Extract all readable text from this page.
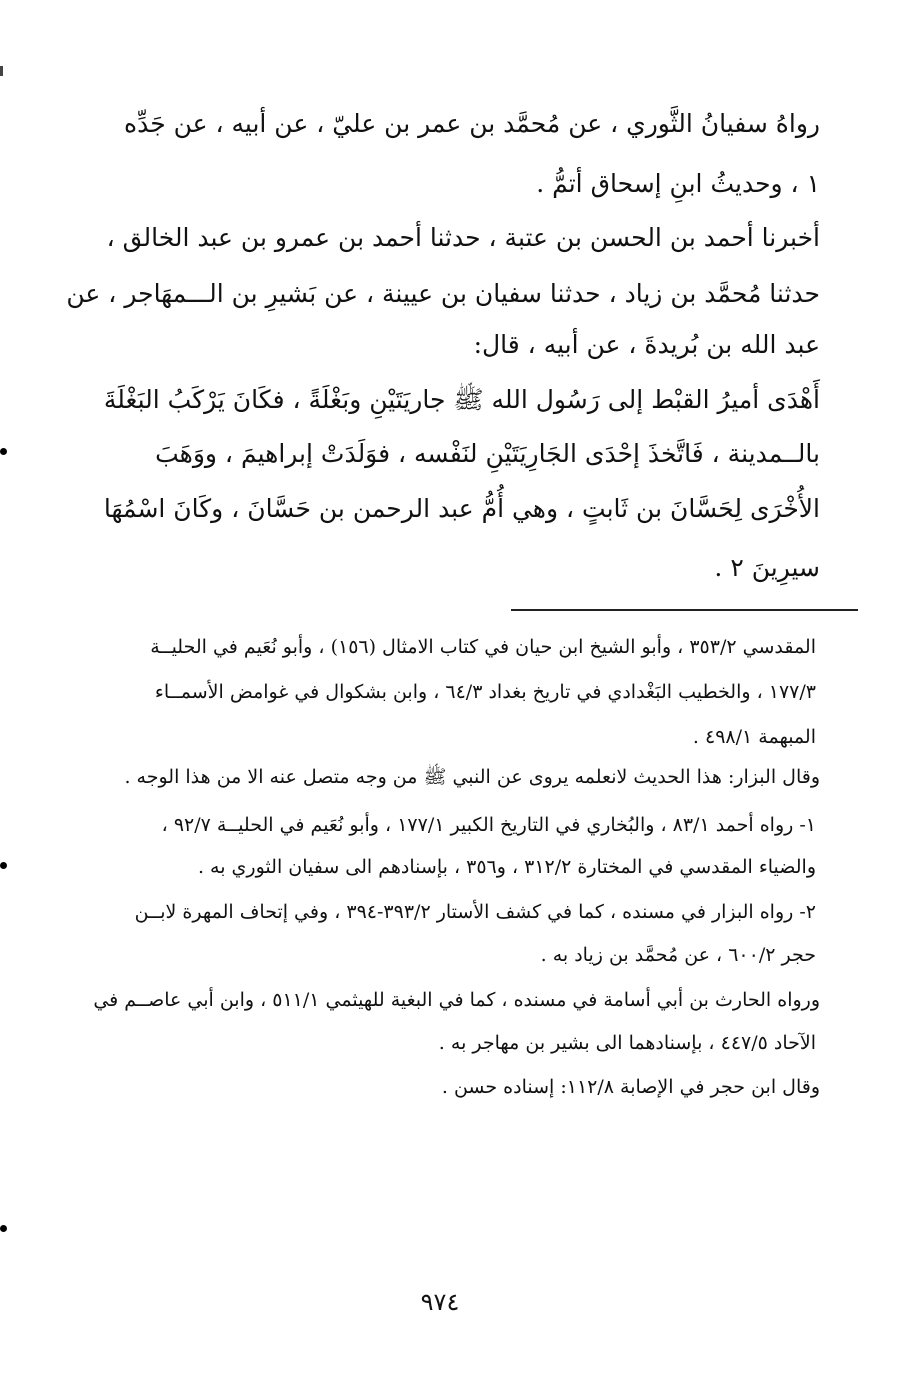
رواهُ سفيانُ الثَّوري ، عن مُحمَّد بن عمر بن عليّ ، عن أبيه ، عن جَدِّه
١ ، وحديثُ ابنِ إسحاق أتمُّ .
أخبرنا أحمد بن الحسن بن عتبة ، حدثنا أحمد بن عمرو بن عبد الخالق ،
حدثنا مُحمَّد بن زياد ، حدثنا سفيان بن عيينة ، عن بَشيرِ بن الـــمهَاجر ، عن
عبد الله بن بُريدةَ ، عن أبيه ، قال:
أَهْدَى أميرُ القبْط إلى رَسُول الله ﷺ جاريَتَيْنِ وبَغْلَةً ، فكَانَ يَرْكَبُ البَغْلَةَ
بالــمدينة ، فَاتَّخذَ إحْدَى الجَارِيَتَيْنِ لنَفْسه ، فوَلَدَتْ إبراهيمَ ، ووَهَبَ
الأُخْرَى لِحَسَّانَ بن ثَابتٍ ، وهي أُمُّ عبد الرحمن بن حَسَّانَ ، وكَانَ اسْمُهَا
سيرِينَ ٢ .
المقدسي ٣٥٣/٢ ، وأبو الشيخ ابن حيان في كتاب الامثال (١٥٦) ، وأبو نُعَيم في الحليــة
١٧٧/٣ ، والخطيب البَغْدادي في تاريخ بغداد ٦٤/٣ ، وابن بشكوال في غوامض الأسمــاء
المبهمة ٤٩٨/١ .
وقال البزار: هذا الحديث لانعلمه يروى عن النبي ﷺ من وجه متصل عنه الا من هذا الوجه .
١- رواه أحمد ٨٣/١ ، والبُخاري في التاريخ الكبير ١٧٧/١ ، وأبو نُعَيم في الحليــة ٩٢/٧ ،
والضياء المقدسي في المختارة ٣١٢/٢ ، و٣٥٦ ، بإسنادهم الى سفيان الثوري به .
٢- رواه البزار في مسنده ، كما في كشف الأستار ٣٩٣/٢-٣٩٤ ، وفي إتحاف المهرة لابــن
حجر ٦٠٠/٢ ، عن مُحمَّد بن زياد به .
ورواه الحارث بن أبي أسامة في مسنده ، كما في البغية للهيثمي ٥١١/١ ، وابن أبي عاصــم في
الآحاد ٤٤٧/٥ ، بإسنادهما الى بشير بن مهاجر به .
وقال ابن حجر في الإصابة ١١٢/٨: إسناده حسن .
٩٧٤
